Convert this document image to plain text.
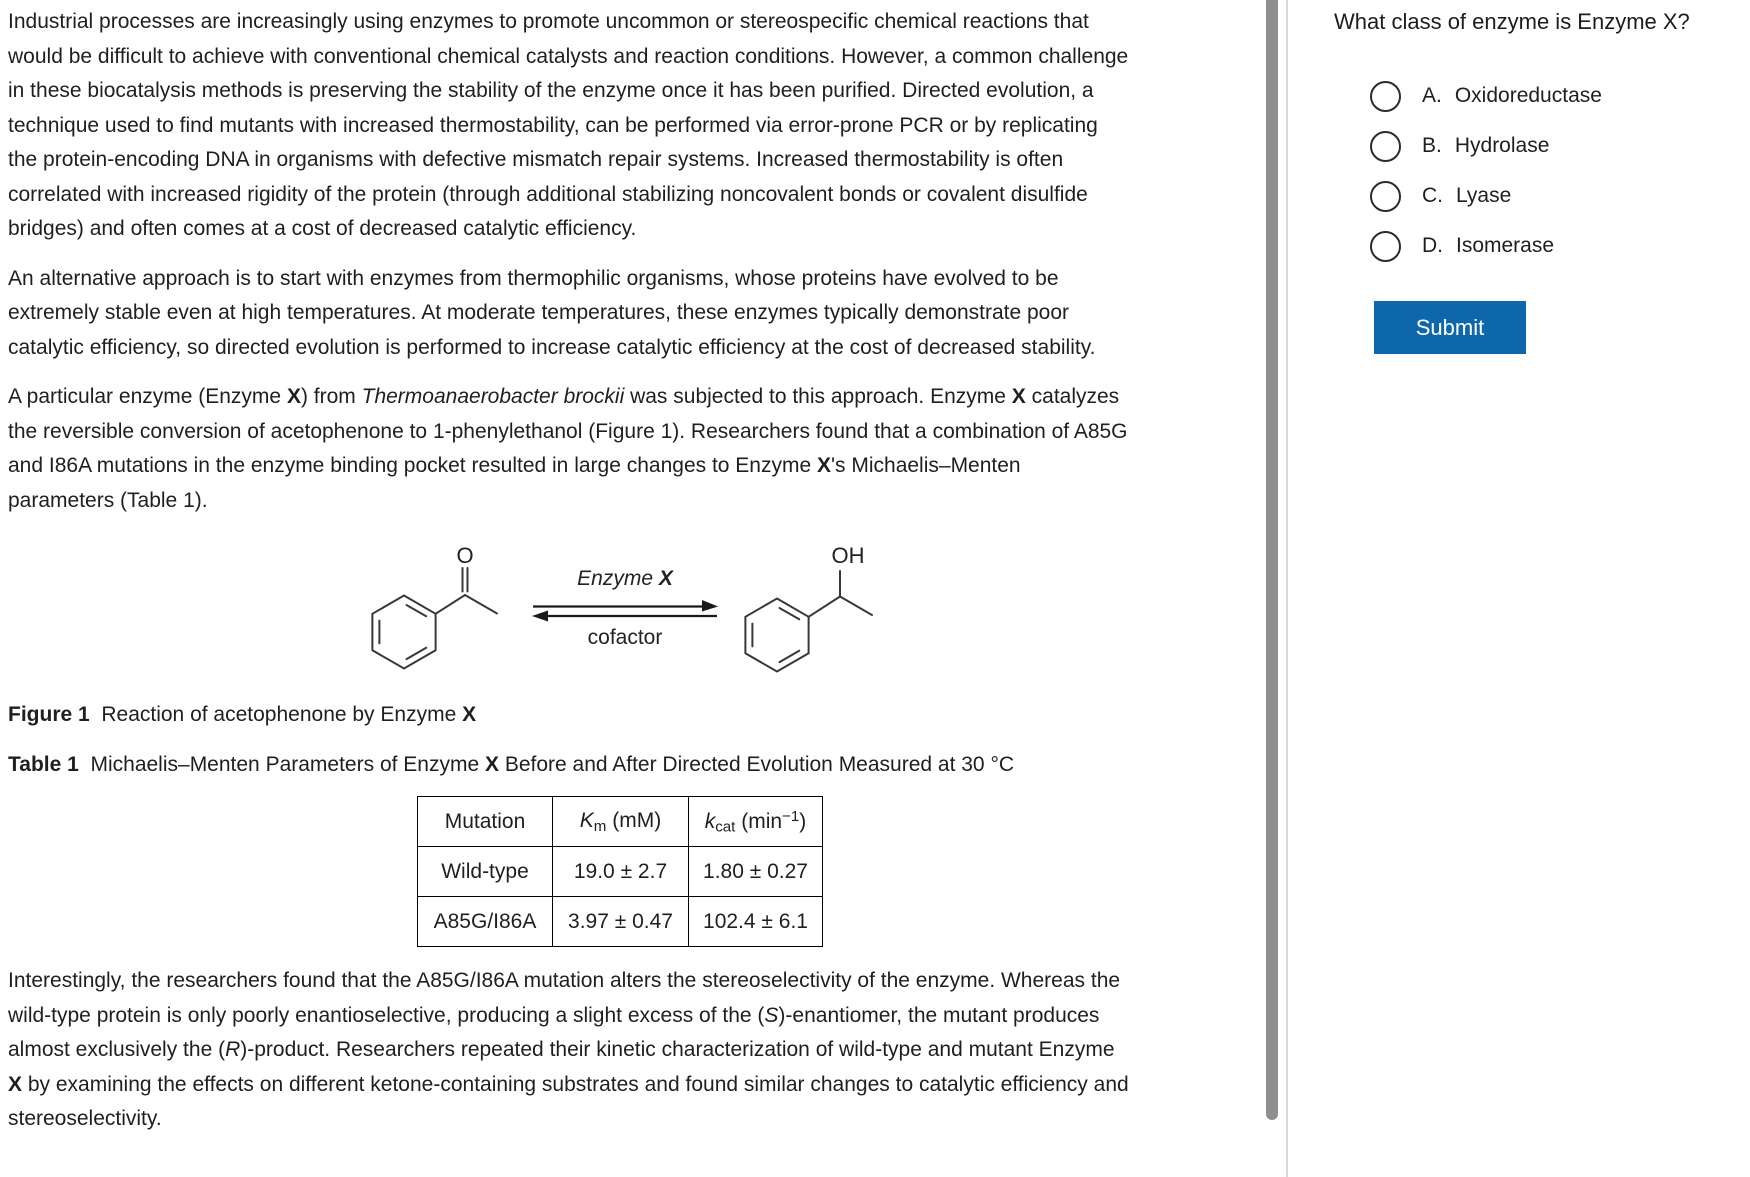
Industrial processes are increasingly using enzymes to promote uncommon or stereospecific chemical reactions that would be difficult to achieve with conventional chemical catalysts and reaction conditions. However, a common challenge in these biocatalysis methods is preserving the stability of the enzyme once it has been purified. Directed evolution, a technique used to find mutants with increased thermostability, can be performed via error-prone PCR or by replicating the protein-encoding DNA in organisms with defective mismatch repair systems. Increased thermostability is often correlated with increased rigidity of the protein (through additional stabilizing noncovalent bonds or covalent disulfide bridges) and often comes at a cost of decreased catalytic efficiency.

An alternative approach is to start with enzymes from thermophilic organisms, whose proteins have evolved to be extremely stable even at high temperatures. At moderate temperatures, these enzymes typically demonstrate poor catalytic efficiency, so directed evolution is performed to increase catalytic efficiency at the cost of decreased stability.

A particular enzyme (Enzyme X) from Thermoanaerobacter brockii was subjected to this approach. Enzyme X catalyzes the reversible conversion of acetophenone to 1-phenylethanol (Figure 1). Researchers found that a combination of A85G and I86A mutations in the enzyme binding pocket resulted in large changes to Enzyme X's Michaelis–Menten parameters (Table 1).

O	OH
Enzyme X
cofactor

Figure 1  Reaction of acetophenone by Enzyme X

Table 1  Michaelis–Menten Parameters of Enzyme X Before and After Directed Evolution Measured at 30 °C

Mutation	$K_m$ (mM)	$k_{cat}$ $(\min^{-1})$
Wild-type	19.0 ± 2.7	1.80 ± 0.27
A85G/I86A	3.97 ± 0.47	102.4 ± 6.1

Interestingly, the researchers found that the A85G/I86A mutation alters the stereoselectivity of the enzyme. Whereas the wild-type protein is only poorly enantioselective, producing a slight excess of the (S)-enantiomer, the mutant produces almost exclusively the (R)-product. Researchers repeated their kinetic characterization of wild-type and mutant Enzyme X by examining the effects on different ketone-containing substrates and found similar changes to catalytic efficiency and stereoselectivity.

What class of enzyme is Enzyme X?
A. Oxidoreductase
B. Hydrolase
C. Lyase
D. Isomerase
Submit
